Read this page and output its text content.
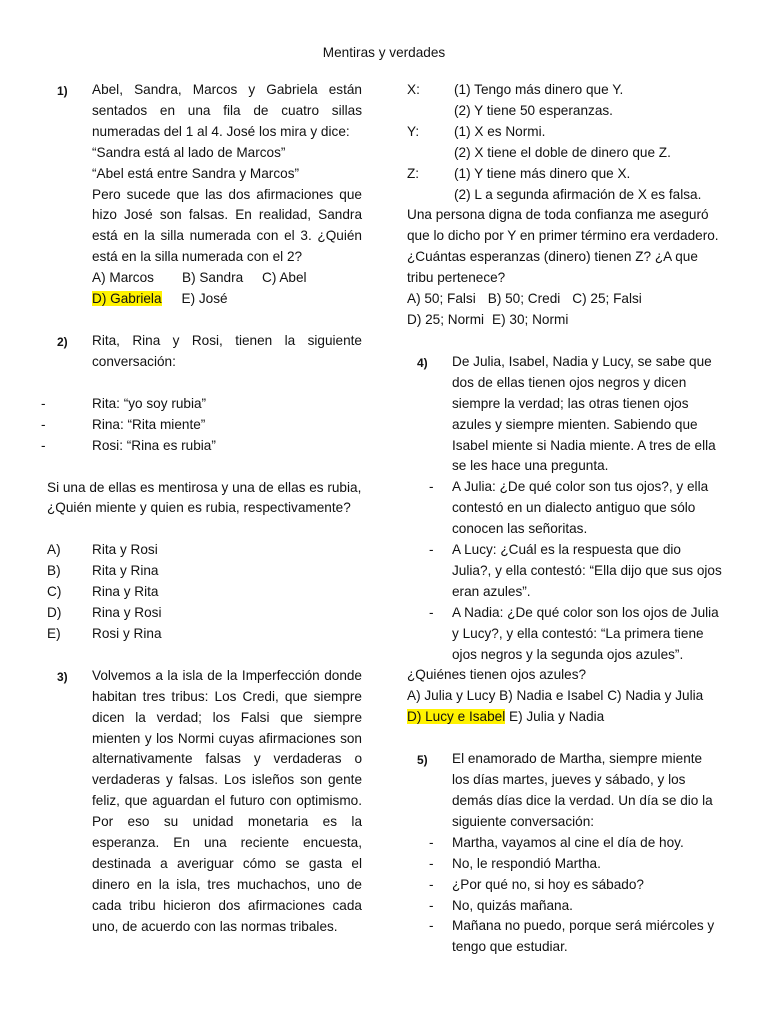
Mentiras y verdades
1) Abel, Sandra, Marcos y Gabriela están sentados en una fila de cuatro sillas numeradas del 1 al 4. José los mira y dice:
“Sandra está al lado de Marcos”
“Abel está entre Sandra y Marcos”
Pero sucede que las dos afirmaciones que hizo José son falsas. En realidad, Sandra está en la silla numerada con el 3. ¿Quién está en la silla numerada con el 2?
A) Marcos B) Sandra C) Abel
D) Gabriela E) José
2) Rita, Rina y Rosi, tienen la siguiente conversación:
-	Rita: “yo soy rubia”
-	Rina: “Rita miente”
-	Rosi: “Rina es rubia”
Si una de ellas es mentirosa y una de ellas es rubia, ¿Quién miente y quien es rubia, respectivamente?
A) Rita y Rosi
B) Rita y Rina
C) Rina y Rita
D) Rina y Rosi
E) Rosi y Rina
3) Volvemos a la isla de la Imperfección donde habitan tres tribus: Los Credi, que siempre dicen la verdad; los Falsi que siempre mienten y los Normi cuyas afirmaciones son alternativamente falsas y verdaderas o verdaderas y falsas. Los isleños son gente feliz, que aguardan el futuro con optimismo. Por eso su unidad monetaria es la esperanza. En una reciente encuesta, destinada a averiguar cómo se gasta el dinero en la isla, tres muchachos, uno de cada tribu hicieron dos afirmaciones cada uno, de acuerdo con las normas tribales.
X:	(1) Tengo más dinero que Y.
(2) Y tiene 50 esperanzas.
Y:	(1) X es Normi.
(2) X tiene el doble de dinero que Z.
Z:	(1) Y tiene más dinero que X.
(2) L a segunda afirmación de X es falsa.
Una persona digna de toda confianza me aseguró que lo dicho por Y en primer término era verdadero.
¿Cuántas esperanzas (dinero) tienen Z? ¿A que tribu pertenece?
A) 50; Falsi B) 50; Credi C) 25; Falsi
D) 25; Normi E) 30; Normi
4) De Julia, Isabel, Nadia y Lucy, se sabe que dos de ellas tienen ojos negros y dicen siempre la verdad; las otras tienen ojos azules y siempre mienten. Sabiendo que Isabel miente si Nadia miente. A tres de ella se les hace una pregunta.
- A Julia: ¿De qué color son tus ojos?, y ella contestó en un dialecto antiguo que sólo conocen las señoritas.
- A Lucy: ¿Cuál es la respuesta que dio Julia?, y ella contestó: “Ella dijo que sus ojos eran azules”.
- A Nadia: ¿De qué color son los ojos de Julia y Lucy?, y ella contestó: “La primera tiene ojos negros y la segunda ojos azules”.
¿Quiénes tienen ojos azules?
A) Julia y Lucy B) Nadia e Isabel C) Nadia y Julia
D) Lucy e Isabel E) Julia y Nadia
5) El enamorado de Martha, siempre miente los días martes, jueves y sábado, y los demás días dice la verdad. Un día se dio la siguiente conversación:
- Martha, vayamos al cine el día de hoy.
- No, le respondió Martha.
- ¿Por qué no, si hoy es sábado?
- No, quizás mañana.
- Mañana no puedo, porque será miércoles y tengo que estudiar.
